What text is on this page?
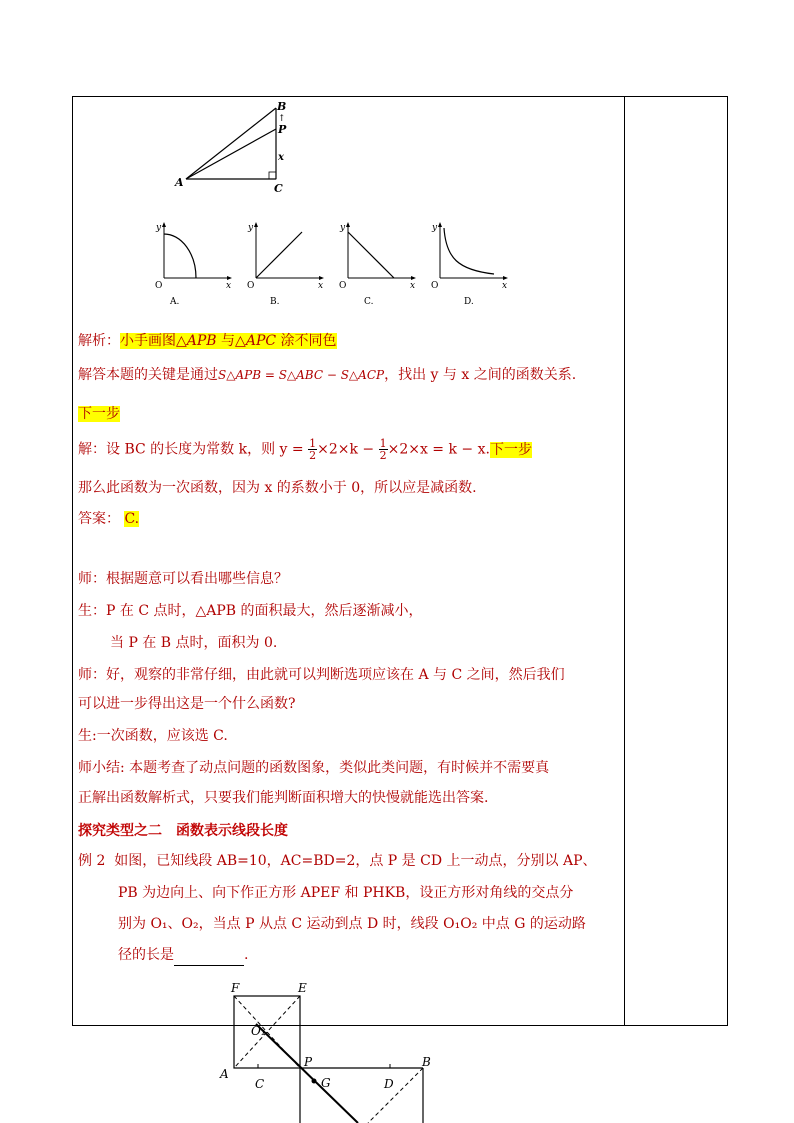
B
↑
P
x
A	C
y
O	x
A.
y
O	x
B.
y
O	x
C.
y
O	x
D.
解析：小手画图△APB 与△APC 涂不同色
解答本题的关键是通过S△APB = S△ABC − S△ACP，找出 y 与 x 之间的函数关系.
下一步
解：设 BC 的长度为常数 k，则 $y = \frac{1}{2} \times 2\times k - \frac{1}{2} \times 2\times x = k - x$.下一步
那么此函数为一次函数，因为 x 的系数小于 0，所以应是减函数.
答案： C.
师：根据题意可以看出哪些信息？
生：P 在 C 点时，△APB 的面积最大，然后逐渐减小，
当 P 在 B 点时，面积为 0.
师：好，观察的非常仔细，由此就可以判断选项应该在 A 与 C 之间，然后我们
可以进一步得出这是一个什么函数?
生:一次函数，应该选 C.
师小结: 本题考查了动点问题的函数图象，类似此类问题，有时候并不需要真
正解出函数解析式，只要我们能判断面积增大的快慢就能选出答案.
探究类型之二　函数表示线段长度
例 2 如图，已知线段 AB=10，AC=BD=2，点 P 是 CD 上一动点，分别以 AP、
PB 为边向上、向下作正方形 APEF 和 PHKB，设正方形对角线的交点分
别为 O₁、O₂，当点 P 从点 C 运动到点 D 时，线段 O₁O₂ 中点 G 的运动路
径的长是	.
F	E
O₁
A
C
P
G	D
B
